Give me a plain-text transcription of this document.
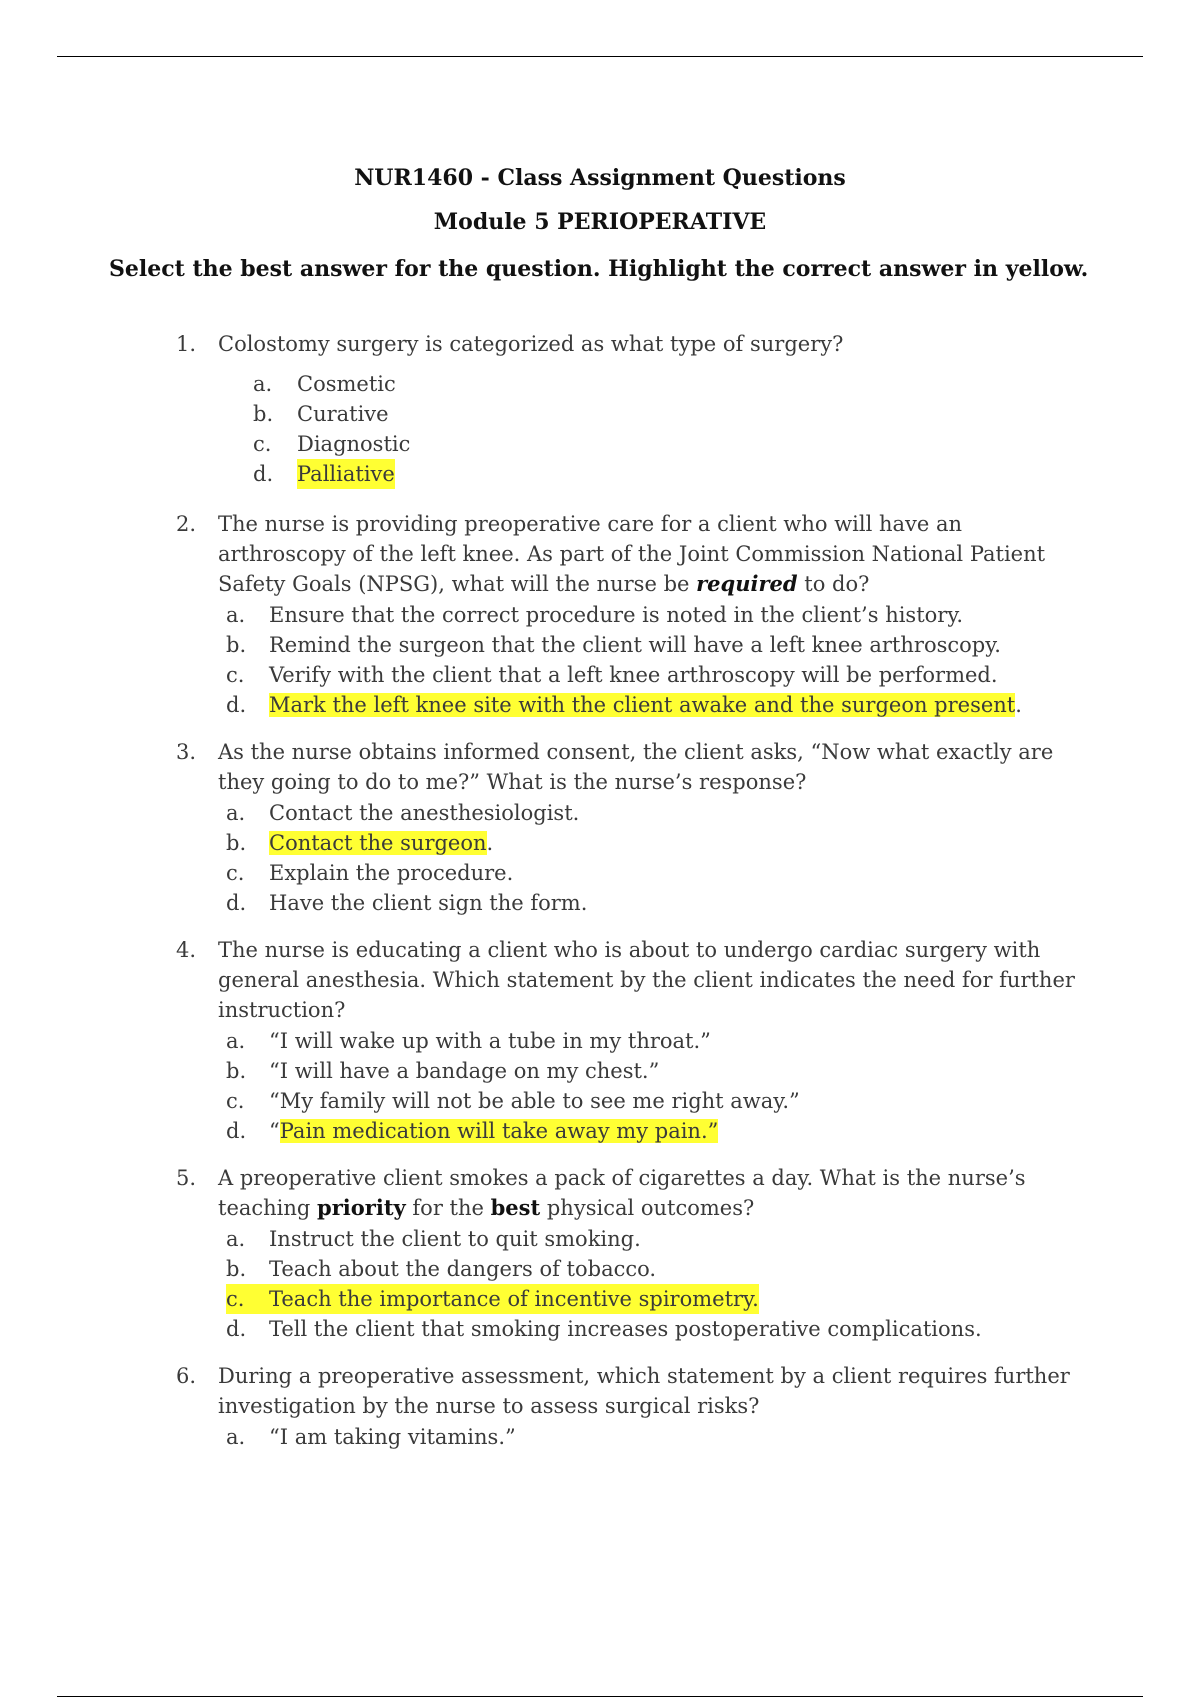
NUR1460 - Class Assignment Questions
Module 5 PERIOPERATIVE
Select the best answer for the question. Highlight the correct answer in yellow.
1.	Colostomy surgery is categorized as what type of surgery?
a.	Cosmetic
b.	Curative
c.	Diagnostic
d.	Palliative
2.	The nurse is providing preoperative care for a client who will have an arthroscopy of the left knee. As part of the Joint Commission National Patient Safety Goals (NPSG), what will the nurse be required to do?
a.	Ensure that the correct procedure is noted in the client’s history.
b.	Remind the surgeon that the client will have a left knee arthroscopy.
c.	Verify with the client that a left knee arthroscopy will be performed.
d.	Mark the left knee site with the client awake and the surgeon present.
3.	As the nurse obtains informed consent, the client asks, “Now what exactly are they going to do to me?” What is the nurse’s response?
a.	Contact the anesthesiologist.
b.	Contact the surgeon.
c.	Explain the procedure.
d.	Have the client sign the form.
4.	The nurse is educating a client who is about to undergo cardiac surgery with general anesthesia. Which statement by the client indicates the need for further instruction?
a.	“I will wake up with a tube in my throat.”
b.	“I will have a bandage on my chest.”
c.	“My family will not be able to see me right away.”
d.	“Pain medication will take away my pain.”
5.	A preoperative client smokes a pack of cigarettes a day. What is the nurse’s teaching priority for the best physical outcomes?
a.	Instruct the client to quit smoking.
b.	Teach about the dangers of tobacco.
c.	Teach the importance of incentive spirometry.
d.	Tell the client that smoking increases postoperative complications.
6.	During a preoperative assessment, which statement by a client requires further investigation by the nurse to assess surgical risks?
a.	“I am taking vitamins.”
